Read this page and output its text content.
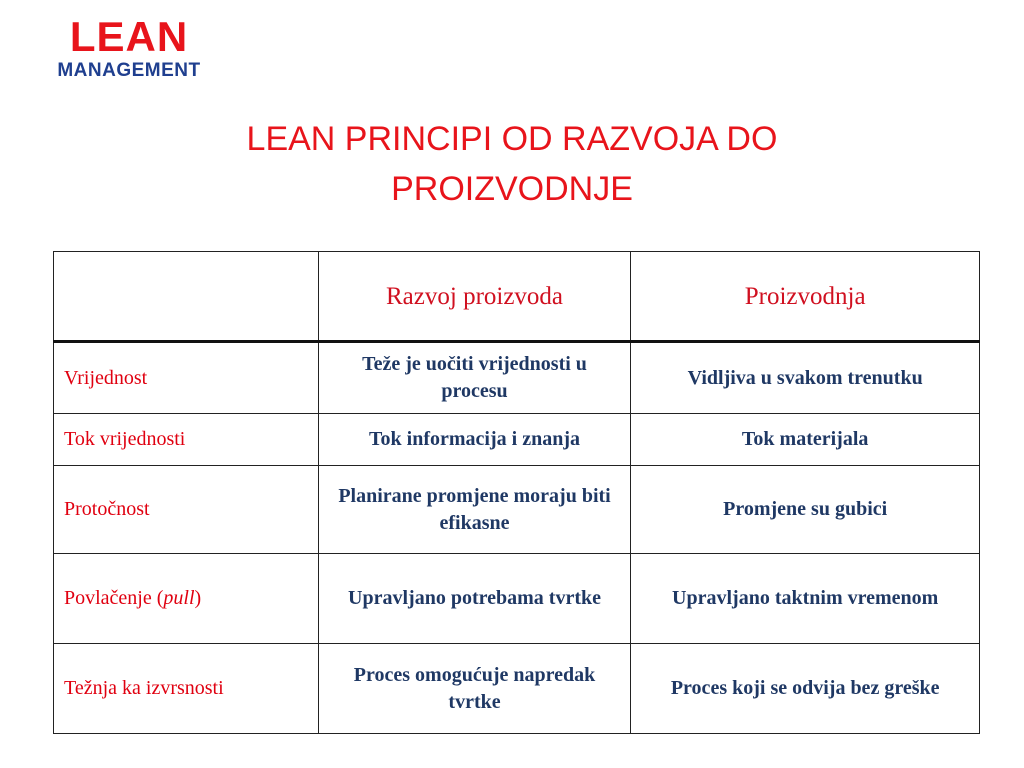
LEAN
MANAGEMENT
LEAN PRINCIPI OD RAZVOJA DO PROIZVODNJE
	Razvoj proizvoda	Proizvodnja
Vrijednost	Teže je uočiti vrijednosti u procesu	Vidljiva u svakom trenutku
Tok vrijednosti	Tok informacija i znanja	Tok materijala
Protočnost	Planirane promjene moraju biti efikasne	Promjene su gubici
Povlačenje (pull)	Upravljano potrebama tvrtke	Upravljano taktnim vremenom
Težnja ka izvrsnosti	Proces omogućuje napredak tvrtke	Proces koji se odvija bez greške
